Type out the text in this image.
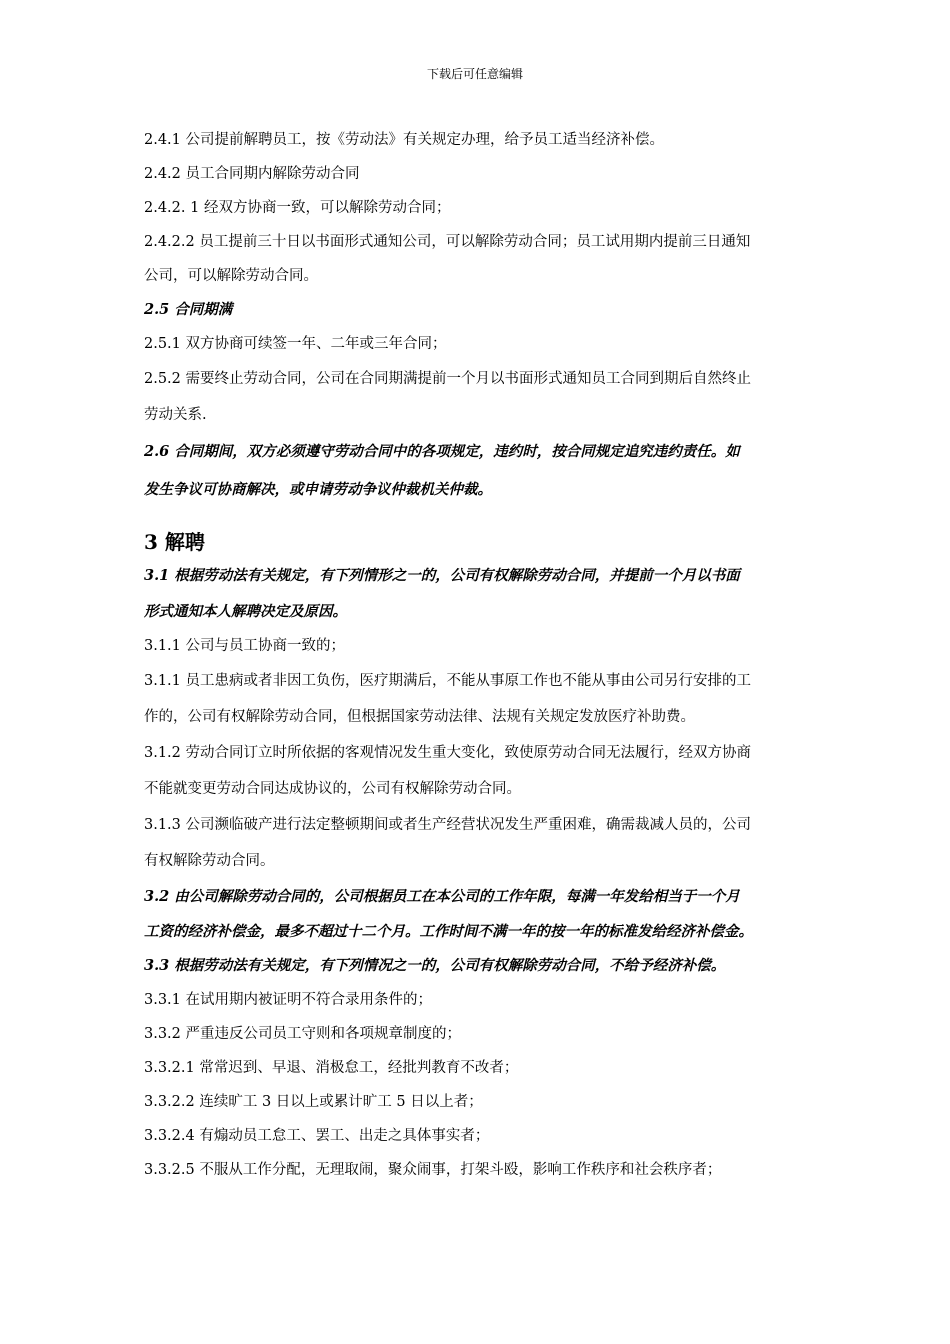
下载后可任意编辑

2.4.1 公司提前解聘员工，按《劳动法》有关规定办理，给予员工适当经济补偿。

2.4.2 员工合同期内解除劳动合同

2.4.2. 1 经双方协商一致，可以解除劳动合同；

2.4.2.2 员工提前三十日以书面形式通知公司，可以解除劳动合同；员工试用期内提前三日通知

公司，可以解除劳动合同。

2.5 合同期满

2.5.1 双方协商可续签一年、二年或三年合同；

2.5.2 需要终止劳动合同，公司在合同期满提前一个月以书面形式通知员工合同到期后自然终止

劳动关系.

2.6 合同期间，双方必须遵守劳动合同中的各项规定，违约时，按合同规定追究违约责任。如

发生争议可协商解决，或申请劳动争议仲裁机关仲裁。

3 解聘

3.1 根据劳动法有关规定，有下列情形之一的，公司有权解除劳动合同，并提前一个月以书面

形式通知本人解聘决定及原因。

3.1.1 公司与员工协商一致的；

3.1.1 员工患病或者非因工负伤，医疗期满后，不能从事原工作也不能从事由公司另行安排的工

作的，公司有权解除劳动合同，但根据国家劳动法律、法规有关规定发放医疗补助费。

3.1.2 劳动合同订立时所依据的客观情况发生重大变化，致使原劳动合同无法履行，经双方协商

不能就变更劳动合同达成协议的，公司有权解除劳动合同。

3.1.3 公司濒临破产进行法定整顿期间或者生产经营状况发生严重困难，确需裁减人员的，公司

有权解除劳动合同。

3.2 由公司解除劳动合同的，公司根据员工在本公司的工作年限，每满一年发给相当于一个月

工资的经济补偿金，最多不超过十二个月。工作时间不满一年的按一年的标准发给经济补偿金。

3.3 根据劳动法有关规定，有下列情况之一的，公司有权解除劳动合同，不给予经济补偿。

3.3.1 在试用期内被证明不符合录用条件的；

3.3.2 严重违反公司员工守则和各项规章制度的；

3.3.2.1 常常迟到、早退、消极怠工，经批判教育不改者；

3.3.2.2 连续旷工 3 日以上或累计旷工 5 日以上者；

3.3.2.4 有煽动员工怠工、罢工、出走之具体事实者；

3.3.2.5 不服从工作分配，无理取闹，聚众闹事，打架斗殴，影响工作秩序和社会秩序者；
